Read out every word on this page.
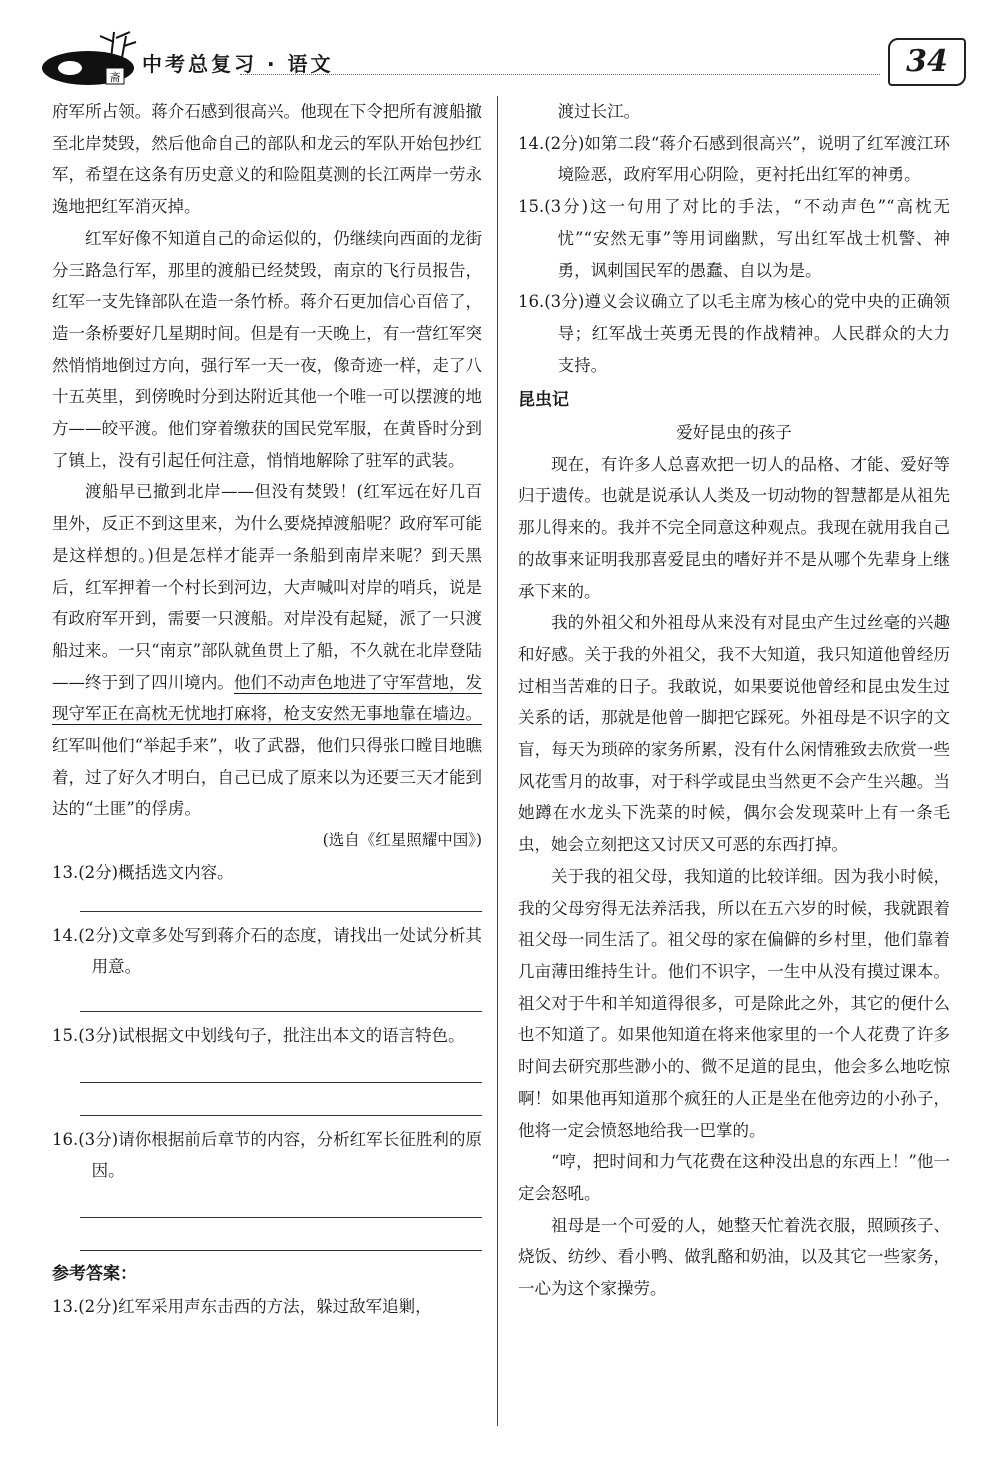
斋
中考总复习 · 语文	34

府军所占领。蒋介石感到很高兴。他现在下令把所有渡船撤至北岸焚毁，然后他命自己的部队和龙云的军队开始包抄红军，希望在这条有历史意义的和险阻莫测的长江两岸一劳永逸地把红军消灭掉。

红军好像不知道自己的命运似的，仍继续向西面的龙街分三路急行军，那里的渡船已经焚毁，南京的飞行员报告，红军一支先锋部队在造一条竹桥。蒋介石更加信心百倍了，造一条桥要好几星期时间。但是有一天晚上，有一营红军突然悄悄地倒过方向，强行军一天一夜，像奇迹一样，走了八十五英里，到傍晚时分到达附近其他一个唯一可以摆渡的地方——皎平渡。他们穿着缴获的国民党军服，在黄昏时分到了镇上，没有引起任何注意，悄悄地解除了驻军的武装。

渡船早已撤到北岸——但没有焚毁！(红军远在好几百里外，反正不到这里来，为什么要烧掉渡船呢？政府军可能是这样想的。)但是怎样才能弄一条船到南岸来呢？到天黑后，红军押着一个村长到河边，大声喊叫对岸的哨兵，说是有政府军开到，需要一只渡船。对岸没有起疑，派了一只渡船过来。一只“南京”部队就鱼贯上了船，不久就在北岸登陆——终于到了四川境内。他们不动声色地进了守军营地，发现守军正在高枕无忧地打麻将，枪支安然无事地靠在墙边。红军叫他们“举起手来”，收了武器，他们只得张口瞠目地瞧着，过了好久才明白，自己已成了原来以为还要三天才能到达的“土匪”的俘虏。

(选自《红星照耀中国》)

13.(2分)概括选文内容。

14.(2分)文章多处写到蒋介石的态度，请找出一处试分析其用意。

15.(3分)试根据文中划线句子，批注出本文的语言特色。

16.(3分)请你根据前后章节的内容，分析红军长征胜利的原因。

参考答案：

13.(2分)红军采用声东击西的方法，躲过敌军追剿，

渡过长江。

14.(2分)如第二段“蒋介石感到很高兴”，说明了红军渡江环境险恶，政府军用心阴险，更衬托出红军的神勇。

15.(3分)这一句用了对比的手法，“不动声色”“高枕无忧”“安然无事”等用词幽默，写出红军战士机警、神勇，讽刺国民军的愚蠢、自以为是。

16.(3分)遵义会议确立了以毛主席为核心的党中央的正确领导；红军战士英勇无畏的作战精神。人民群众的大力支持。

昆虫记

爱好昆虫的孩子

现在，有许多人总喜欢把一切人的品格、才能、爱好等归于遗传。也就是说承认人类及一切动物的智慧都是从祖先那儿得来的。我并不完全同意这种观点。我现在就用我自己的故事来证明我那喜爱昆虫的嗜好并不是从哪个先辈身上继承下来的。

我的外祖父和外祖母从来没有对昆虫产生过丝毫的兴趣和好感。关于我的外祖父，我不大知道，我只知道他曾经历过相当苦难的日子。我敢说，如果要说他曾经和昆虫发生过关系的话，那就是他曾一脚把它踩死。外祖母是不识字的文盲，每天为琐碎的家务所累，没有什么闲情雅致去欣赏一些风花雪月的故事，对于科学或昆虫当然更不会产生兴趣。当她蹲在水龙头下洗菜的时候，偶尔会发现菜叶上有一条毛虫，她会立刻把这又讨厌又可恶的东西打掉。

关于我的祖父母，我知道的比较详细。因为我小时候，我的父母穷得无法养活我，所以在五六岁的时候，我就跟着祖父母一同生活了。祖父母的家在偏僻的乡村里，他们靠着几亩薄田维持生计。他们不识字，一生中从没有摸过课本。祖父对于牛和羊知道得很多，可是除此之外，其它的便什么也不知道了。如果他知道在将来他家里的一个人花费了许多时间去研究那些渺小的、微不足道的昆虫，他会多么地吃惊啊！如果他再知道那个疯狂的人正是坐在他旁边的小孙子，他将一定会愤怒地给我一巴掌的。

“哼，把时间和力气花费在这种没出息的东西上！”他一定会怒吼。

祖母是一个可爱的人，她整天忙着洗衣服，照顾孩子、烧饭、纺纱、看小鸭、做乳酪和奶油，以及其它一些家务，一心为这个家操劳。
